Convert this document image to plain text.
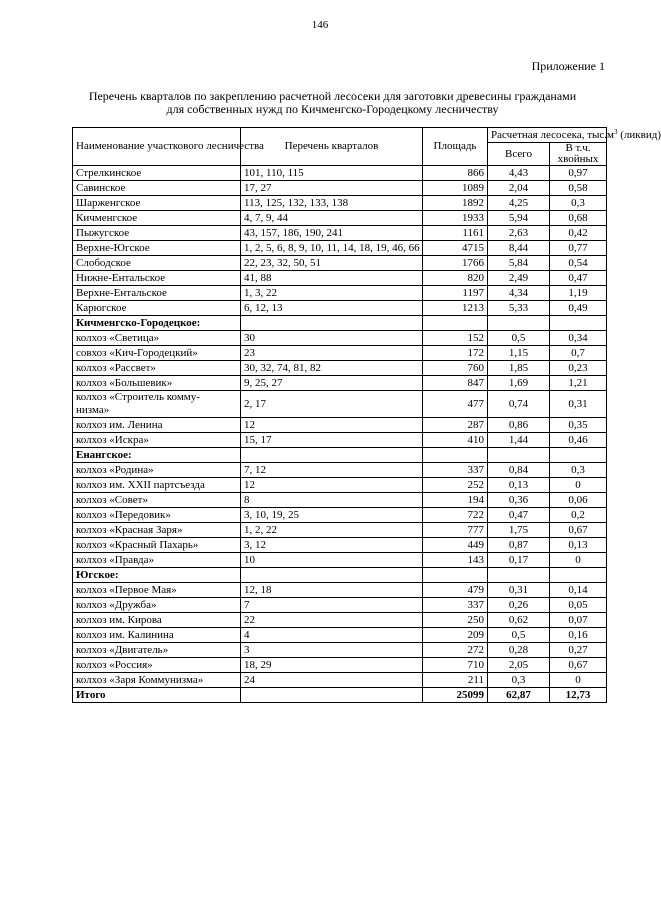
146
Приложение 1
Перечень кварталов по закреплению расчетной лесосеки для заготовки древесины гражданами
для собственных нужд по Кичменгско-Городецкому лесничеству
Наименование участкового лесничества	Перечень кварталов	Площадь	Расчетная лесосека, $тыс.м^3$ (ликвид)	
			Всего	В т.ч. хвойных
Стрелкинское	101, 110, 115	866	4,43	0,97
Савинское	17, 27	1089	2,04	0,58
Шарженгское	113, 125, 132, 133, 138	1892	4,25	0,3
Кичменгское	4, 7, 9, 44	1933	5,94	0,68
Пыжугское	43, 157, 186, 190, 241	1161	2,63	0,42
Верхне-Югское	1, 2, 5, 6, 8, 9, 10, 11, 14, 18, 19, 46, 66	4715	8,44	0,77
Слободское	22, 23, 32, 50, 51	1766	5,84	0,54
Нижне-Ентальское	41, 88	820	2,49	0,47
Верхне-Ентальское	1, 3, 22	1197	4,34	1,19
Карюгское	6, 12, 13	1213	5,33	0,49
Кичменгско-Городецкое:				
колхоз «Светица»	30	152	0,5	0,34
совхоз «Кич-Городецкий»	23	172	1,15	0,7
колхоз «Рассвет»	30, 32, 74, 81, 82	760	1,85	0,23
колхоз «Большевик»	9, 25, 27	847	1,69	1,21
колхоз «Строитель комму-
низма»	2, 17	477	0,74	0,31
колхоз им. Ленина	12	287	0,86	0,35
колхоз «Искра»	15, 17	410	1,44	0,46
Енангское:				
колхоз «Родина»	7, 12	337	0,84	0,3
колхоз им. XXII партсъезда	12	252	0,13	0
колхоз «Совет»	8	194	0,36	0,06
колхоз «Передовик»	3, 10, 19, 25	722	0,47	0,2
колхоз «Красная Заря»	1, 2, 22	777	1,75	0,67
колхоз «Красный Пахарь»	3, 12	449	0,87	0,13
колхоз «Правда»	10	143	0,17	0
Югское:				
колхоз «Первое Мая»	12, 18	479	0,31	0,14
колхоз «Дружба»	7	337	0,26	0,05
колхоз им. Кирова	22	250	0,62	0,07
колхоз им. Калинина	4	209	0,5	0,16
колхоз «Двигатель»	3	272	0,28	0,27
колхоз «Россия»	18, 29	710	2,05	0,67
колхоз «Заря Коммунизма»	24	211	0,3	0
Итого		25099	62,87	12,73
